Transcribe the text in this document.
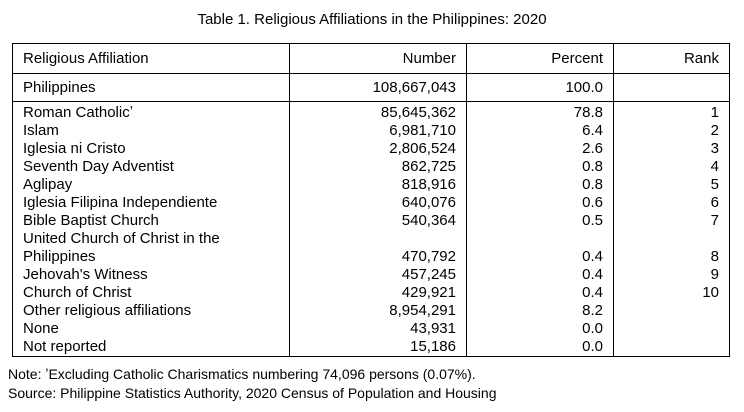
Table 1. Religious Affiliations in the Philippines: 2020
Religious Affiliation	Number	Percent	Rank
Philippines	108,667,043	100.0	

Roman Catholicʼ	85,645,362	78.8	1
Islam	6,981,710	6.4	2
Iglesia ni Cristo	2,806,524	2.6	3
Seventh Day Adventist	862,725	0.8	4
Aglipay	818,916	0.8	5
Iglesia Filipina Independiente	640,076	0.6	6
Bible Baptist Church	540,364	0.5	7

United Church of Christ in the Philippines	470,792	0.4	8
Jehovah's Witness	457,245	0.4	9
Church of Christ	429,921	0.4	10
Other religious affiliations	8,954,291	8.2	
None	43,931	0.0	
Not reported	15,186	0.0	
Note: ʼExcluding Catholic Charismatics numbering 74,096 persons (0.07%).
Source: Philippine Statistics Authority, 2020 Census of Population and Housing
